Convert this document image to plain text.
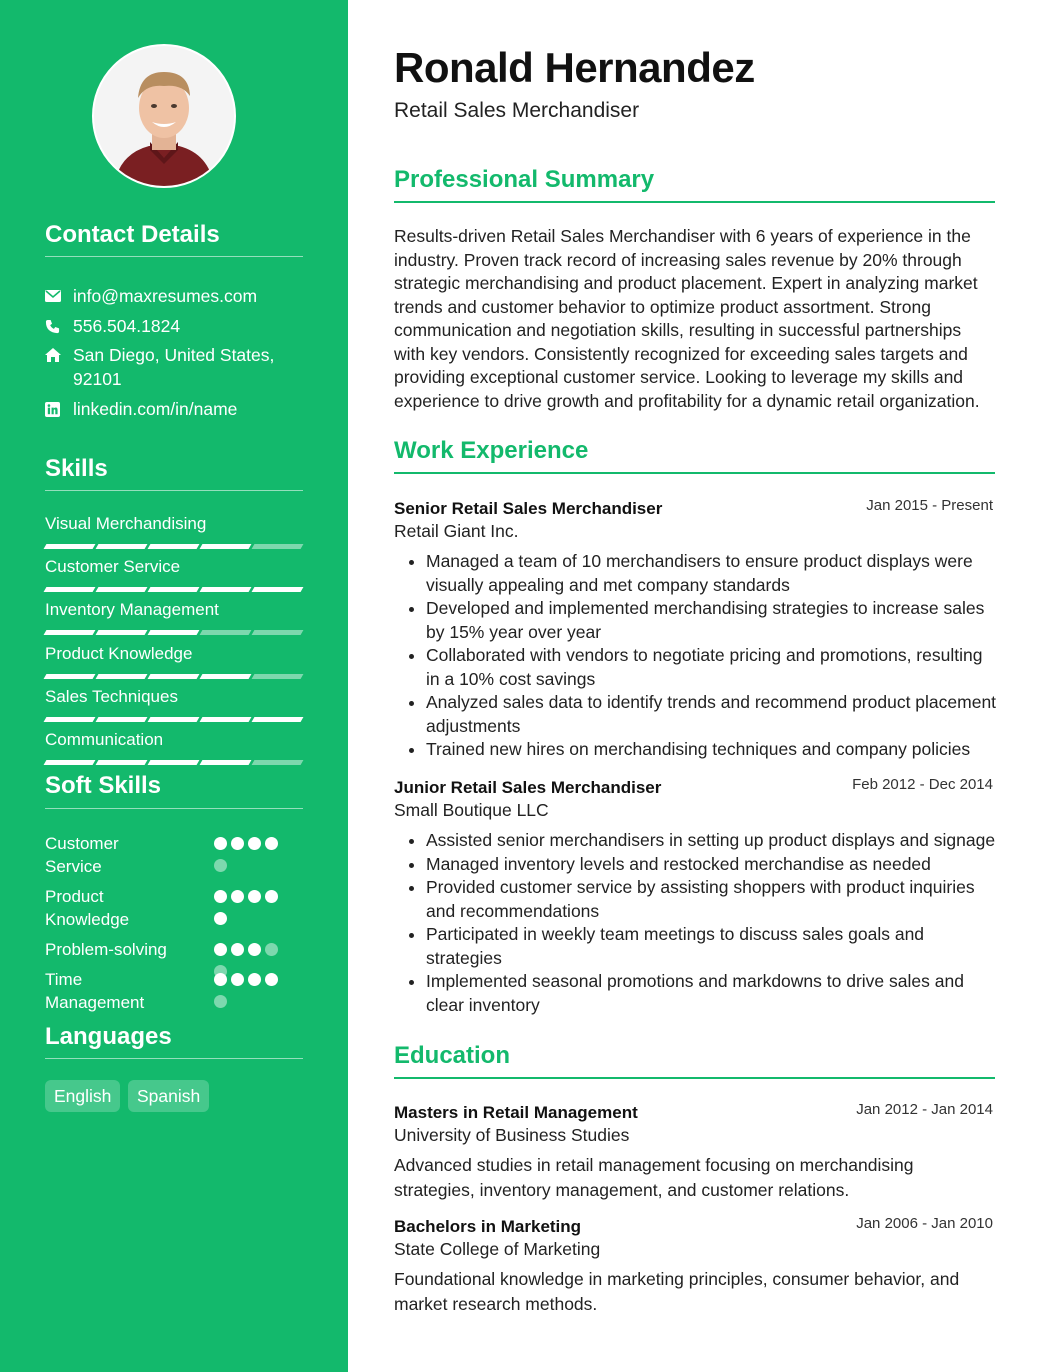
Contact Details
info@maxresumes.com
556.504.1824
San Diego, United States, 92101
linkedin.com/in/name
Skills
Visual Merchandising
Customer Service
Inventory Management
Product Knowledge
Sales Techniques
Communication
Soft Skills
Customer Service
Product Knowledge
Problem-solving
Time Management
Languages
English	Spanish
Ronald Hernandez
Retail Sales Merchandiser
Professional Summary

Results-driven Retail Sales Merchandiser with 6 years of experience in the industry. Proven track record of increasing sales revenue by 20% through strategic merchandising and product placement. Expert in analyzing market trends and customer behavior to optimize product assortment. Strong communication and negotiation skills, resulting in successful partnerships with key vendors. Consistently recognized for exceeding sales targets and providing exceptional customer service. Looking to leverage my skills and experience to drive growth and profitability for a dynamic retail organization.

Work Experience
Senior Retail Sales Merchandiser	Jan 2015 - Present
Retail Giant Inc.
• Managed a team of 10 merchandisers to ensure product displays were visually appealing and met company standards
• Developed and implemented merchandising strategies to increase sales by 15% year over year
• Collaborated with vendors to negotiate pricing and promotions, resulting in a 10% cost savings
• Analyzed sales data to identify trends and recommend product placement adjustments
• Trained new hires on merchandising techniques and company policies
Junior Retail Sales Merchandiser	Feb 2012 - Dec 2014
Small Boutique LLC
• Assisted senior merchandisers in setting up product displays and signage
• Managed inventory levels and restocked merchandise as needed
• Provided customer service by assisting shoppers with product inquiries and recommendations
• Participated in weekly team meetings to discuss sales goals and strategies
• Implemented seasonal promotions and markdowns to drive sales and clear inventory
Education
Masters in Retail Management	Jan 2012 - Jan 2014
University of Business Studies

Advanced studies in retail management focusing on merchandising strategies, inventory management, and customer relations.

Bachelors in Marketing	Jan 2006 - Jan 2010
State College of Marketing

Foundational knowledge in marketing principles, consumer behavior, and market research methods.
